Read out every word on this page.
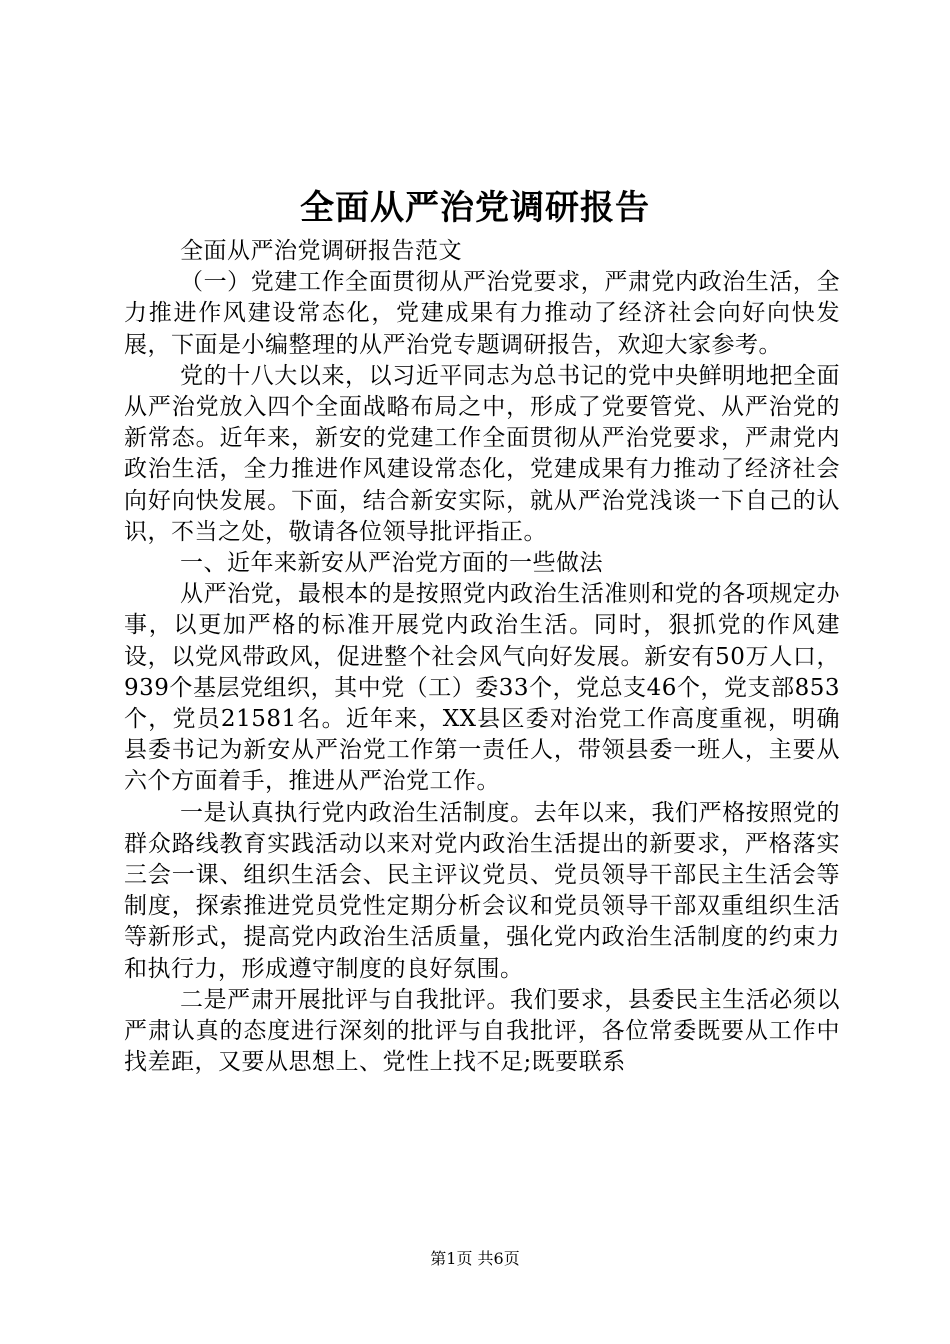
全面从严治党调研报告

全面从严治党调研报告范文

（一）党建工作全面贯彻从严治党要求，严肃党内政治生活，全力推进作风建设常态化，党建成果有力推动了经济社会向好向快发展，下面是小编整理的从严治党专题调研报告，欢迎大家参考。

党的十八大以来，以习近平同志为总书记的党中央鲜明地把全面从严治党放入四个全面战略布局之中，形成了党要管党、从严治党的新常态。近年来，新安的党建工作全面贯彻从严治党要求，严肃党内政治生活，全力推进作风建设常态化，党建成果有力推动了经济社会向好向快发展。下面，结合新安实际，就从严治党浅谈一下自己的认识，不当之处，敬请各位领导批评指正。

一、近年来新安从严治党方面的一些做法

从严治党，最根本的是按照党内政治生活准则和党的各项规定办事，以更加严格的标准开展党内政治生活。同时，狠抓党的作风建设，以党风带政风，促进整个社会风气向好发展。新安有50万人口，939个基层党组织，其中党（工）委33个，党总支46个，党支部853个，党员21581名。近年来，XX县区委对治党工作高度重视，明确县委书记为新安从严治党工作第一责任人，带领县委一班人，主要从六个方面着手，推进从严治党工作。

一是认真执行党内政治生活制度。去年以来，我们严格按照党的群众路线教育实践活动以来对党内政治生活提出的新要求，严格落实三会一课、组织生活会、民主评议党员、党员领导干部民主生活会等制度，探索推进党员党性定期分析会议和党员领导干部双重组织生活等新形式，提高党内政治生活质量，强化党内政治生活制度的约束力和执行力，形成遵守制度的良好氛围。

二是严肃开展批评与自我批评。我们要求，县委民主生活必须以严肃认真的态度进行深刻的批评与自我批评，各位常委既要从工作中找差距，又要从思想上、党性上找不足;既要联系

第1页 共6页
